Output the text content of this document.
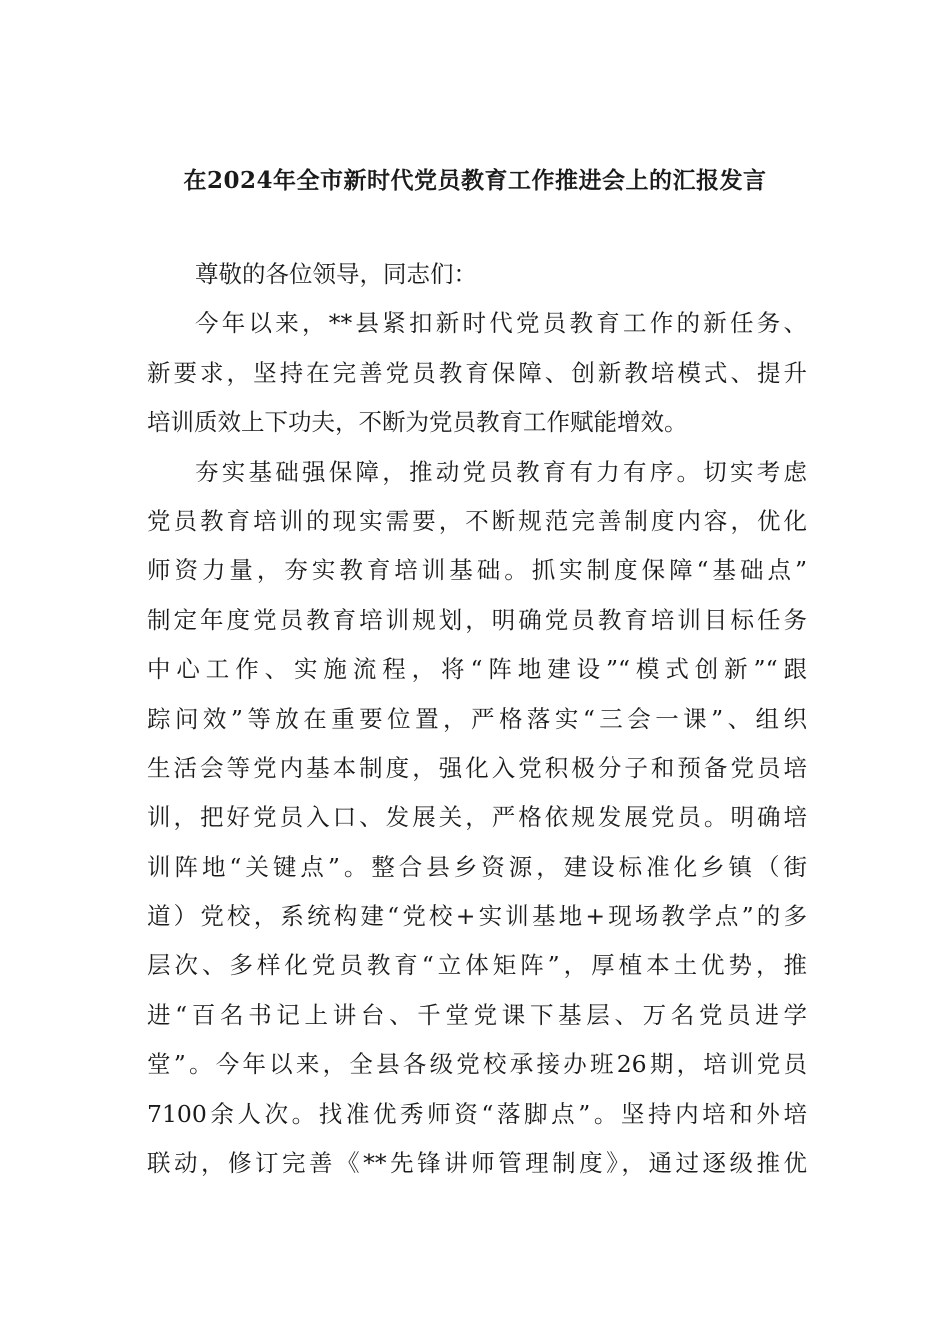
在2024年全市新时代党员教育工作推进会上的汇报发言
尊敬的各位领导，同志们：
今年以来，**县紧扣新时代党员教育工作的新任务、
新要求，坚持在完善党员教育保障、创新教培模式、提升
培训质效上下功夫，不断为党员教育工作赋能增效。
夯实基础强保障，推动党员教育有力有序。切实考虑
党员教育培训的现实需要，不断规范完善制度内容，优化
师资力量，夯实教育培训基础。抓实制度保障“基础点”
制定年度党员教育培训规划，明确党员教育培训目标任务
中心工作、实施流程，将“阵地建设”“模式创新”“跟
踪问效”等放在重要位置，严格落实“三会一课”、组织
生活会等党内基本制度，强化入党积极分子和预备党员培
训，把好党员入口、发展关，严格依规发展党员。明确培
训阵地“关键点”。整合县乡资源，建设标准化乡镇（街
道）党校，系统构建“党校+实训基地+现场教学点”的多
层次、多样化党员教育“立体矩阵”，厚植本土优势，推
进“百名书记上讲台、千堂党课下基层、万名党员进学
堂”。今年以来，全县各级党校承接办班26期，培训党员
7100余人次。找准优秀师资“落脚点”。坚持内培和外培
联动，修订完善《**先锋讲师管理制度》，通过逐级推优
